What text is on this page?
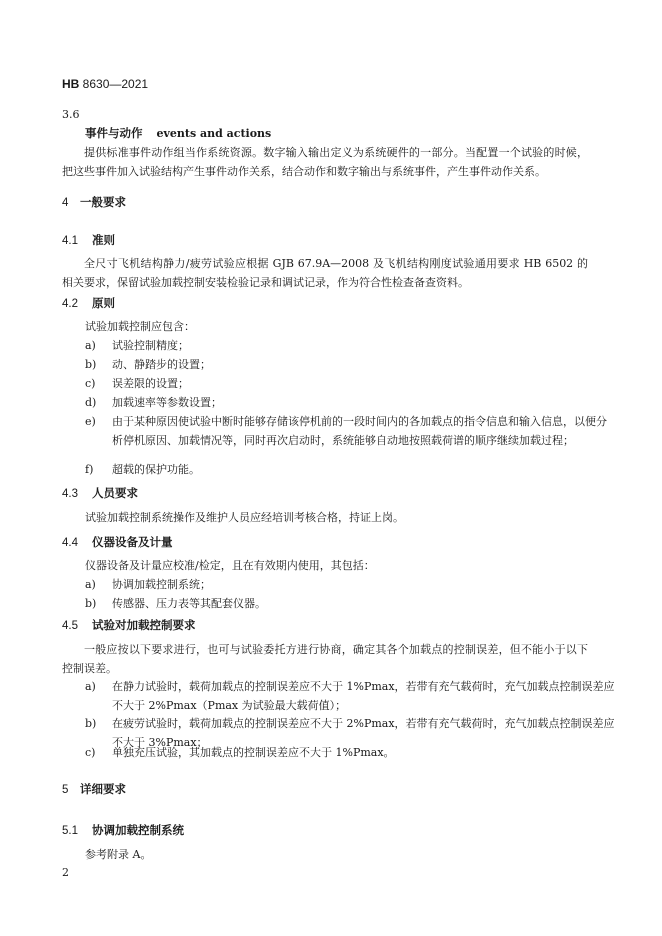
HB 8630—2021
3.6
事件与动作 events and actions
提供标准事件动作组当作系统资源。数字输入输出定义为系统硬件的一部分。当配置一个试验的时候，把这些事件加入试验结构产生事件动作关系，结合动作和数字输出与系统事件，产生事件动作关系。
4 一般要求
4.1 准则
全尺寸飞机结构静力/疲劳试验应根据 GJB 67.9A—2008 及飞机结构刚度试验通用要求 HB 6502 的相关要求，保留试验加载控制安装检验记录和调试记录，作为符合性检查备查资料。
4.2 原则
试验加载控制应包含：
a) 试验控制精度；
b) 动、静踏步的设置；
c) 误差限的设置；
d) 加载速率等参数设置；
e) 由于某种原因使试验中断时能够存储该停机前的一段时间内的各加载点的指令信息和输入信息，以便分析停机原因、加载情况等，同时再次启动时，系统能够自动地按照载荷谱的顺序继续加载过程；
f) 超载的保护功能。
4.3 人员要求
试验加载控制系统操作及维护人员应经培训考核合格，持证上岗。
4.4 仪器设备及计量
仪器设备及计量应校准/检定，且在有效期内使用，其包括：
a) 协调加载控制系统；
b) 传感器、压力表等其配套仪器。
4.5 试验对加载控制要求
一般应按以下要求进行，也可与试验委托方进行协商，确定其各个加载点的控制误差，但不能小于以下控制误差。
a) 在静力试验时，载荷加载点的控制误差应不大于 1%Pmax，若带有充气载荷时，充气加载点控制误差应不大于 2%Pmax（Pmax 为试验最大载荷值）；
b) 在疲劳试验时，载荷加载点的控制误差应不大于 2%Pmax，若带有充气载荷时，充气加载点控制误差应不大于 3%Pmax；
c) 单独充压试验，其加载点的控制误差应不大于 1%Pmax。
5 详细要求
5.1 协调加载控制系统
参考附录 A。
2
